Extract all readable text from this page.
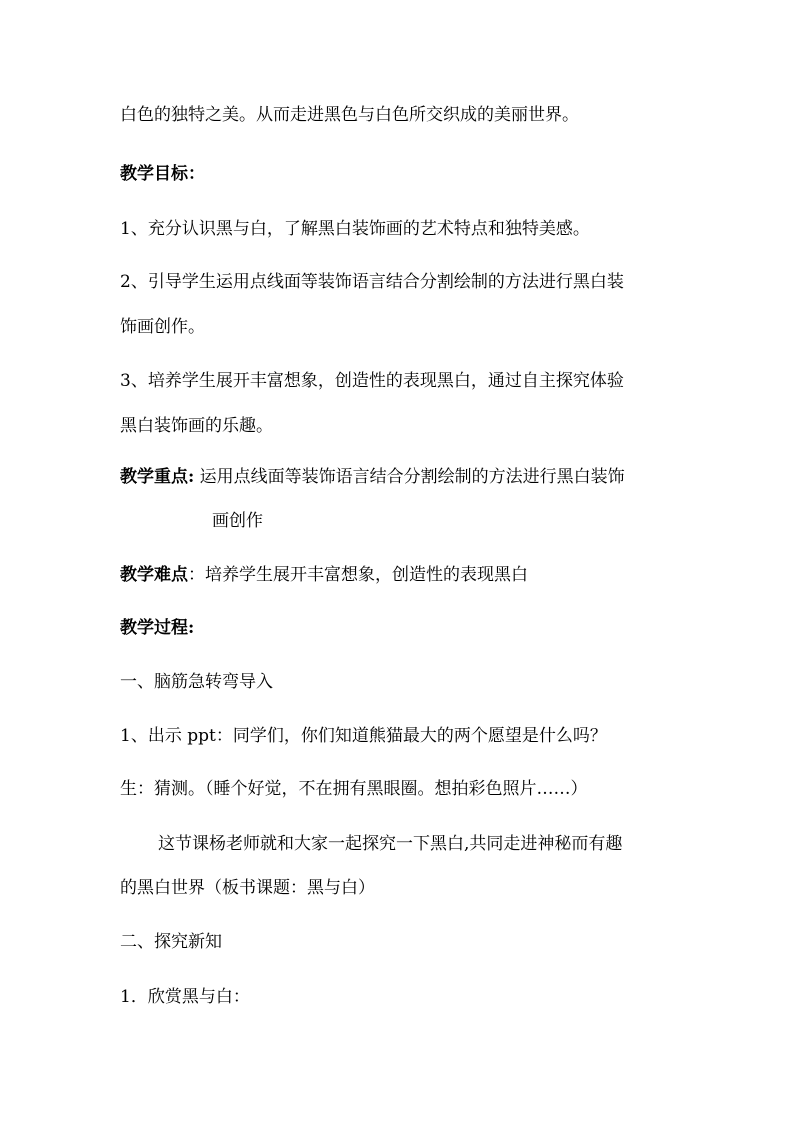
白色的独特之美。从而走进黑色与白色所交织成的美丽世界。
教学目标：
1、充分认识黑与白，了解黑白装饰画的艺术特点和独特美感。
2、引导学生运用点线面等装饰语言结合分割绘制的方法进行黑白装
饰画创作。
3、培养学生展开丰富想象，创造性的表现黑白，通过自主探究体验
黑白装饰画的乐趣。
教学重点: 运用点线面等装饰语言结合分割绘制的方法进行黑白装饰
画创作
教学难点：培养学生展开丰富想象，创造性的表现黑白
教学过程:
一、脑筋急转弯导入
1、出示 ppt：同学们，你们知道熊猫最大的两个愿望是什么吗？
生：猜测。（睡个好觉，不在拥有黑眼圈。想拍彩色照片……）
这节课杨老师就和大家一起探究一下黑白,共同走进神秘而有趣
的黑白世界（板书课题：黑与白）
二、探究新知
1．欣赏黑与白：
